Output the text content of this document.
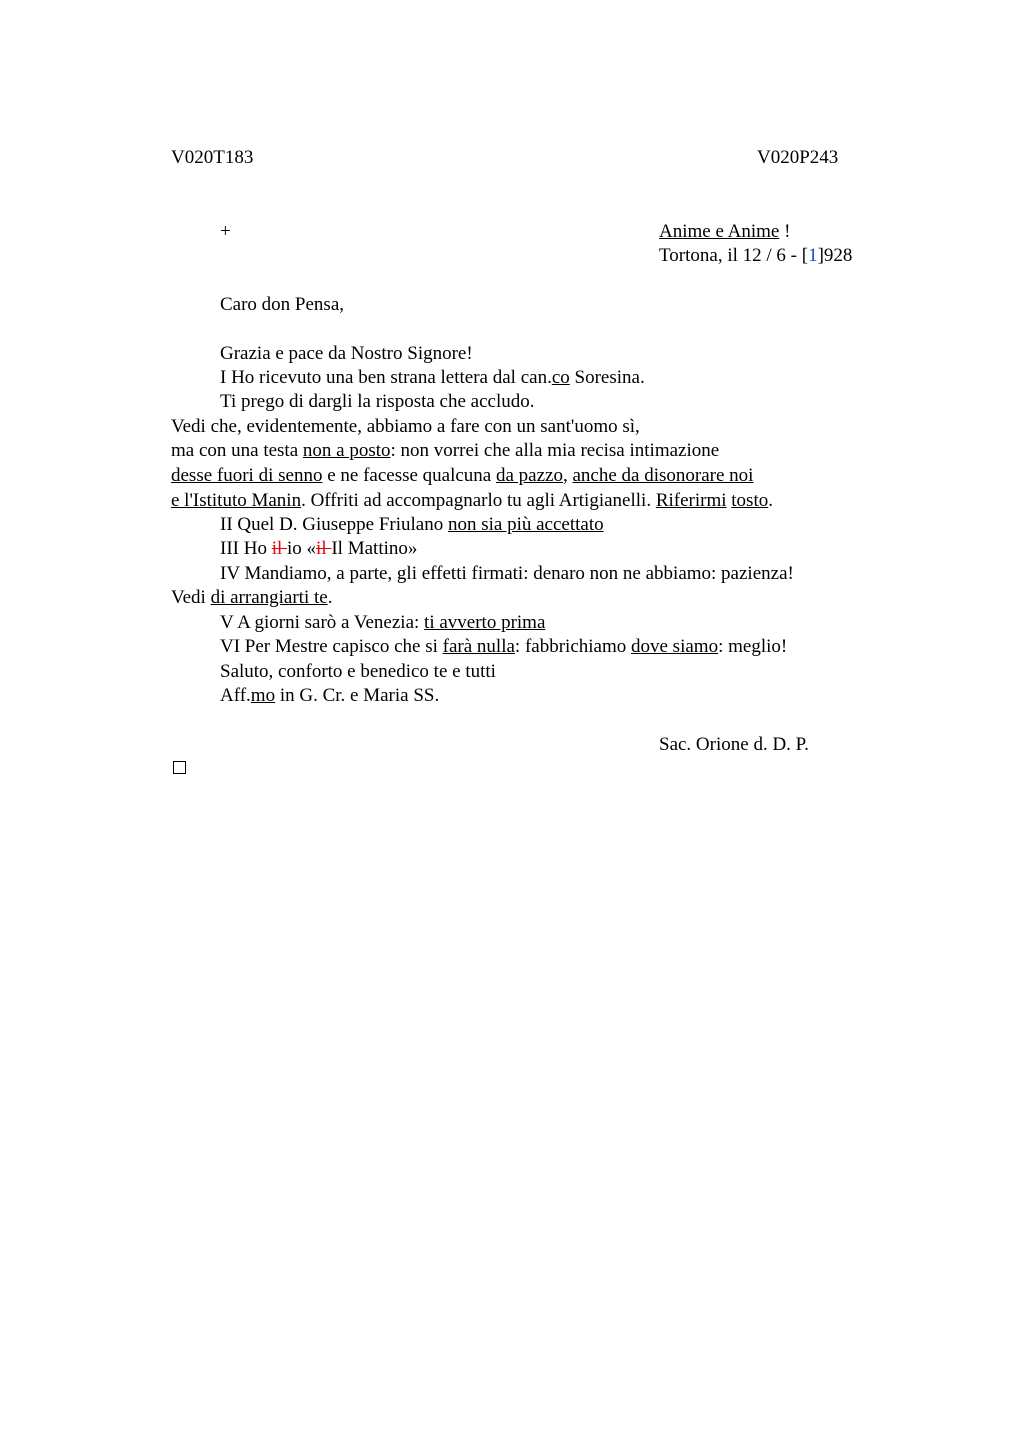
V020T183	V020P243
+	Anime e Anime !
Tortona, il 12 / 6 - [1]928
Caro don Pensa,
Grazia e pace da Nostro Signore!
I Ho ricevuto una ben strana lettera dal can.co Soresina.
Ti prego di dargli la risposta che accludo.
Vedi che, evidentemente, abbiamo a fare con un sant'uomo sì,
ma con una testa non a posto: non vorrei che alla mia recisa intimazione
desse fuori di senno e ne facesse qualcuna da pazzo, anche da disonorare noi
e l'Istituto Manin. Offriti ad accompagnarlo tu agli Artigianelli. Riferirmi tosto.
II Quel D. Giuseppe Friulano non sia più accettato
III Ho il io «il Il Mattino»
IV Mandiamo, a parte, gli effetti firmati: denaro non ne abbiamo: pazienza!
Vedi di arrangiarti te.
V A giorni sarò a Venezia: ti avverto prima
VI Per Mestre capisco che si farà nulla: fabbrichiamo dove siamo: meglio!
Saluto, conforto e benedico te e tutti
Aff.mo in G. Cr. e Maria SS.
Sac. Orione d. D. P.
